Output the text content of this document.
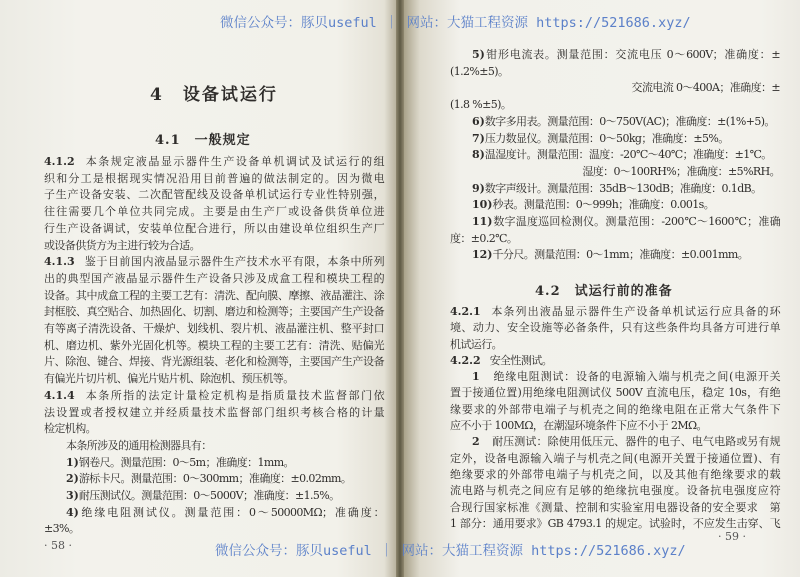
4　设备试运行
4.1　一般规定
4.1.2 本条规定液晶显示器件生产设备单机调试及试运行的组
织和分工是根据现实情况沿用目前普遍的做法制定的。因为微电
子生产设备安装、二次配管配线及设备单机试运行专业性特别强，
往往需要几个单位共同完成。主要是由生产厂或设备供货单位进
行生产设备调试，安装单位配合进行，所以由建设单位组织生产厂
或设备供货方为主进行较为合适。
4.1.3 鉴于目前国内液晶显示器件生产技术水平有限，本条中所列
出的典型国产液晶显示器件生产设备只涉及成盒工程和模块工程的
设备。其中成盒工程的主要工艺有：清洗、配向膜、摩擦、液晶灌注、涂
封框胶、真空贴合、加热固化、切割、磨边和检测等；主要国产生产设备
有等离子清洗设备、干燥炉、划线机、裂片机、液晶灌注机、整平封口
机、磨边机、紫外光固化机等。模块工程的主要工艺有：清洗、贴偏光
片、除泡、键合、焊接、背光源组装、老化和检测等，主要国产生产设备
有偏光片切片机、偏光片贴片机、除泡机、预压机等。
4.1.4 本条所指的法定计量检定机构是指质量技术监督部门依
法设置或者授权建立并经质量技术监督部门组织考核合格的计量
检定机构。
本条所涉及的通用检测器具有：
1)钢卷尺。测量范围：0～5m；准确度：1mm。
2)游标卡尺。测量范围：0～300mm；准确度：±0.02mm。
3)耐压测试仪。测量范围：0～5000V；准确度：±1.5%。
4)绝缘电阻测试仪。测量范围：0～50000MΩ；准确度：
±3%。
· 58 ·
5)钳形电流表。测量范围：交流电压 0～600V；准确度：±
(1.2%±5)。
交流电流 0～400A；准确度：±
(1.8 %±5)。
6)数字多用表。测量范围：0～750V(AC)；准确度：±(1%+5)。
7)压力数显仪。测量范围：0～50kg；准确度：±5%。
8)温湿度计。测量范围：温度：-20℃～40℃；准确度：±1℃。
湿度：0～100RH%；准确度：±5%RH。
9)数字声级计。测量范围：35dB～130dB；准确度：0.1dB。
10)秒表。测量范围：0～999h；准确度：0.001s。
11)数字温度巡回检测仪。测量范围：-200℃～1600℃；准确
度：±0.2℃。
12)千分尺。测量范围：0～1mm；准确度：±0.001mm。
· 59 ·
4.2　试运行前的准备
4.2.1 本条列出液晶显示器件生产设备单机试运行应具备的环
境、动力、安全设施等必备条件，只有这些条件均具备方可进行单
机试运行。
4.2.2 安全性测试。
1　绝缘电阻测试：设备的电源输入端与机壳之间(电源开关
置于接通位置)用绝缘电阻测试仪 500V 直流电压，稳定 10s，有绝
缘要求的外部带电端子与机壳之间的绝缘电阻在正常大气条件下
应不小于 100MΩ，在潮湿环境条件下应不小于 2MΩ。
2　耐压测试：除使用低压元、器件的电子、电气电路或另有规
定外，设备电源输入端子与机壳之间(电源开关置于接通位置)、有
绝缘要求的外部带电端子与机壳之间，以及其他有绝缘要求的载
流电路与机壳之间应有足够的绝缘抗电强度。设备抗电强度应符
合现行国家标准《测量、控制和实验室用电器设备的安全要求　第
1 部分：通用要求》GB 4793.1 的规定。试验时，不应发生击穿、飞
微信公众号：豚贝useful ｜ 网站：大猫工程资源 https://521686.xyz/
微信公众号：豚贝useful ｜ 网站：大猫工程资源 https://521686.xyz/
